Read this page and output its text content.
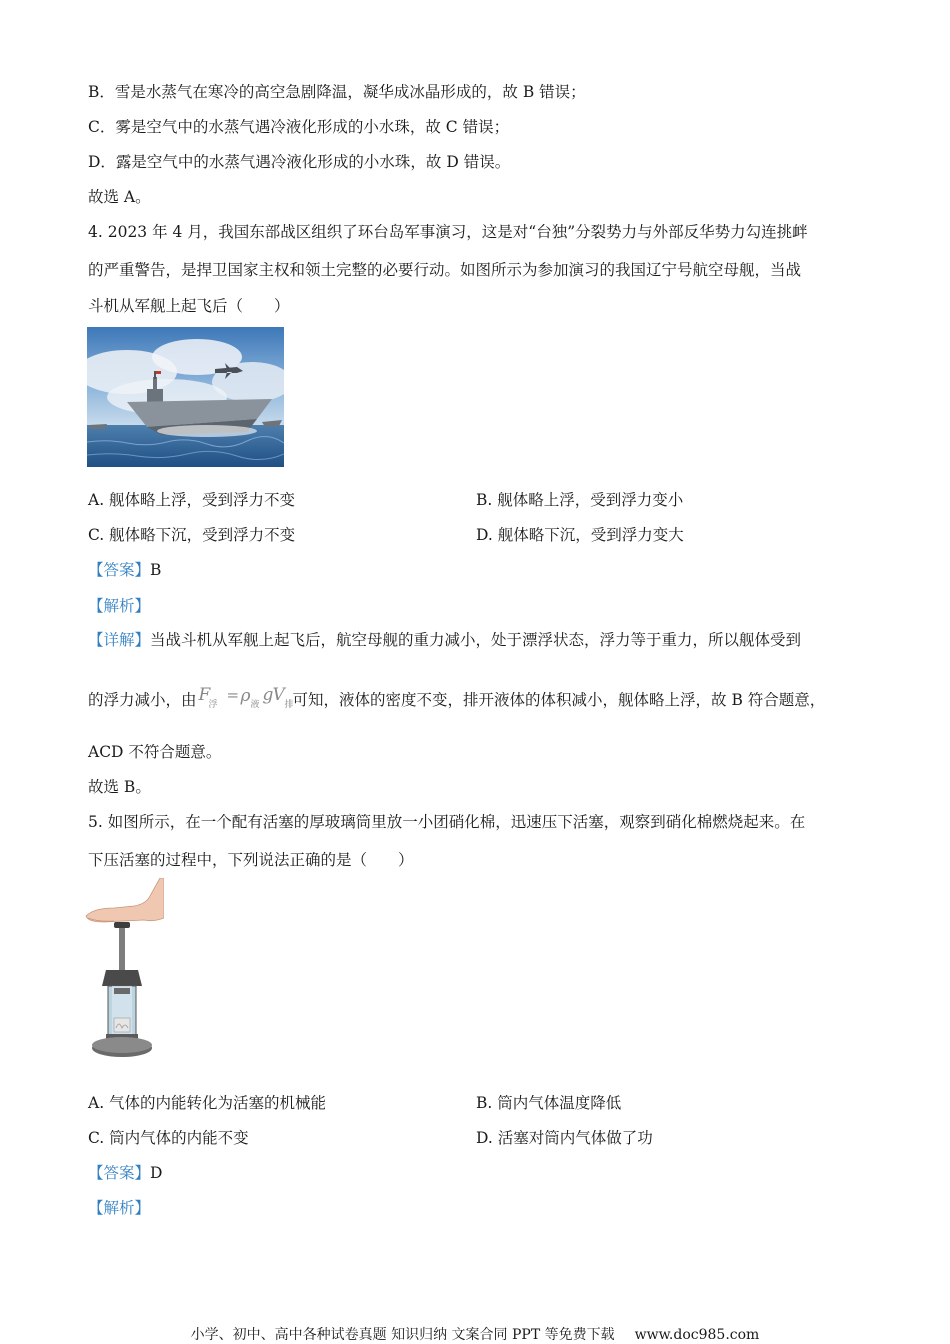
B．雪是水蒸气在寒冷的高空急剧降温，凝华成冰晶形成的，故 B 错误；
C．雾是空气中的水蒸气遇冷液化形成的小水珠，故 C 错误；
D．露是空气中的水蒸气遇冷液化形成的小水珠，故 D 错误。
故选 A。
4. 2023 年 4 月，我国东部战区组织了环台岛军事演习，这是对“台独”分裂势力与外部反华势力勾连挑衅
的严重警告，是捍卫国家主权和领土完整的必要行动。如图所示为参加演习的我国辽宁号航空母舰，当战
斗机从军舰上起飞后（　　）
A. 舰体略上浮，受到浮力不变	B. 舰体略上浮，受到浮力变小
C. 舰体略下沉，受到浮力不变	D. 舰体略下沉，受到浮力变大
【答案】B
【解析】
【详解】当战斗机从军舰上起飞后，航空母舰的重力减小，处于漂浮状态，浮力等于重力，所以舰体受到
的浮力减小，由 F
浮
= ρ 液 g V 排
可知，液体的密度不变，排开液体的体积减小，舰体略上浮，故 B 符合题意，
ACD 不符合题意。
故选 B。
5. 如图所示，在一个配有活塞的厚玻璃筒里放一小团硝化棉，迅速压下活塞，观察到硝化棉燃烧起来。在
下压活塞的过程中，下列说法正确的是（　　）
A. 气体的内能转化为活塞的机械能	B. 筒内气体温度降低
C. 筒内气体的内能不变	D. 活塞对筒内气体做了功
【答案】D
【解析】
小学、初中、高中各种试卷真题 知识归纳 文案合同 PPT 等免费下载 www.doc985.com
